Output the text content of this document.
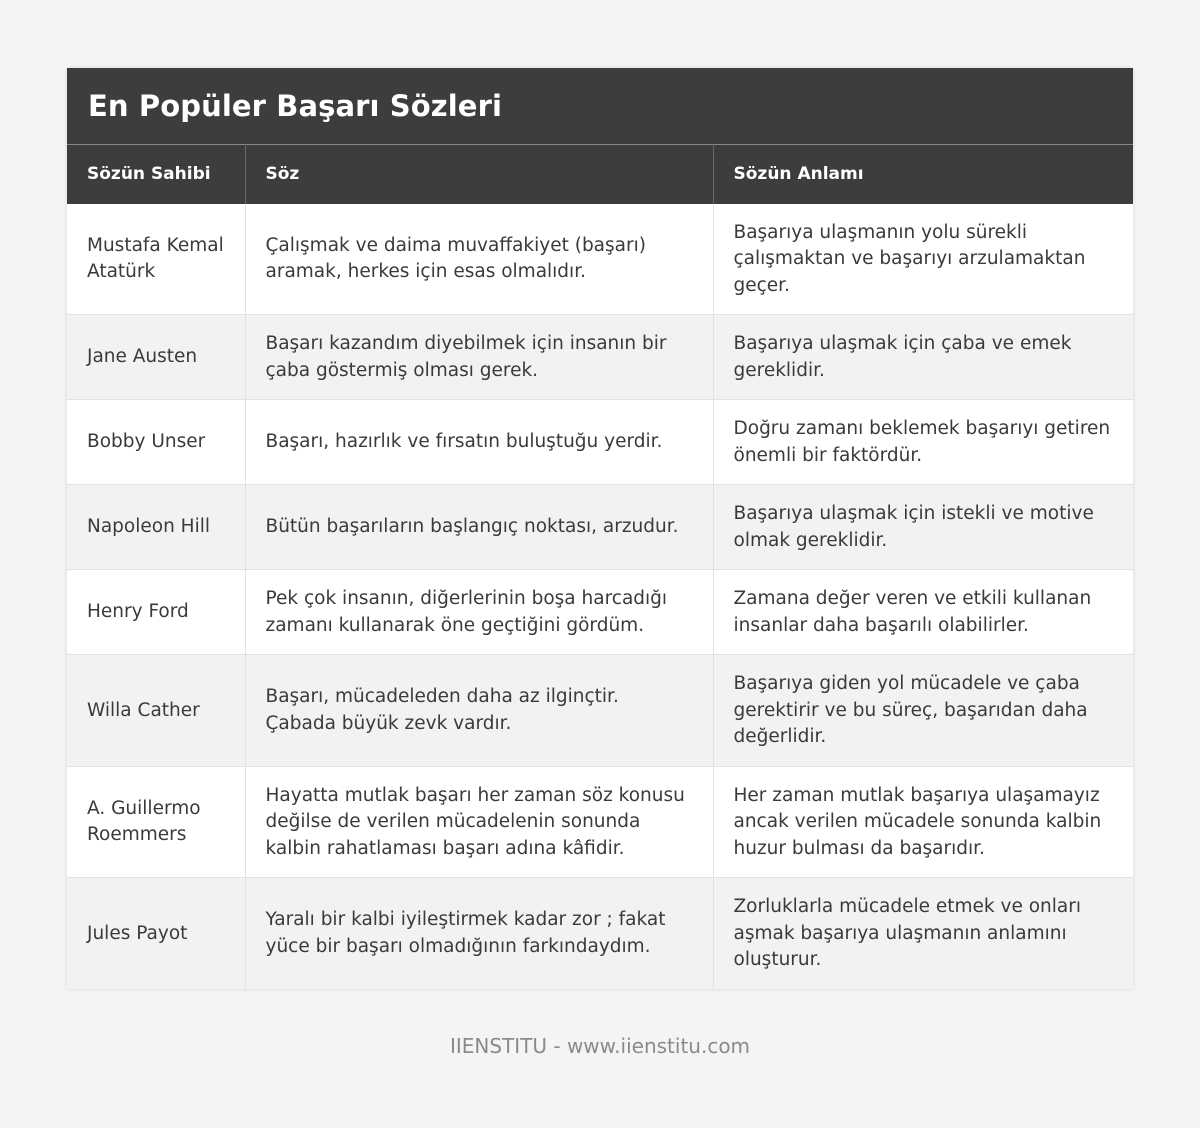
En Popüler Başarı Sözleri
Sözün Sahibi	Söz	Sözün Anlamı
Mustafa Kemal Atatürk	Çalışmak ve daima muvaffakiyet (başarı) aramak, herkes için esas olmalıdır.	Başarıya ulaşmanın yolu sürekli çalışmaktan ve başarıyı arzulamaktan geçer.
Jane Austen	Başarı kazandım diyebilmek için insanın bir çaba göstermiş olması gerek.	Başarıya ulaşmak için çaba ve emek gereklidir.
Bobby Unser	Başarı, hazırlık ve fırsatın buluştuğu yerdir.	Doğru zamanı beklemek başarıyı getiren önemli bir faktördür.
Napoleon Hill	Bütün başarıların başlangıç noktası, arzudur.	Başarıya ulaşmak için istekli ve motive olmak gereklidir.
Henry Ford	Pek çok insanın, diğerlerinin boşa harcadığı zamanı kullanarak öne geçtiğini gördüm.	Zamana değer veren ve etkili kullanan insanlar daha başarılı olabilirler.
Willa Cather	Başarı, mücadeleden daha az ilginçtir. Çabada büyük zevk vardır.	Başarıya giden yol mücadele ve çaba gerektirir ve bu süreç, başarıdan daha değerlidir.
A. Guillermo Roemmers	Hayatta mutlak başarı her zaman söz konusu değilse de verilen mücadelenin sonunda kalbin rahatlaması başarı adına kâfidir.	Her zaman mutlak başarıya ulaşamayız ancak verilen mücadele sonunda kalbin huzur bulması da başarıdır.
Jules Payot	Yaralı bir kalbi iyileştirmek kadar zor ; fakat yüce bir başarı olmadığının farkındaydım.	Zorluklarla mücadele etmek ve onları aşmak başarıya ulaşmanın anlamını oluşturur.
IIENSTITU - www.iienstitu.com
